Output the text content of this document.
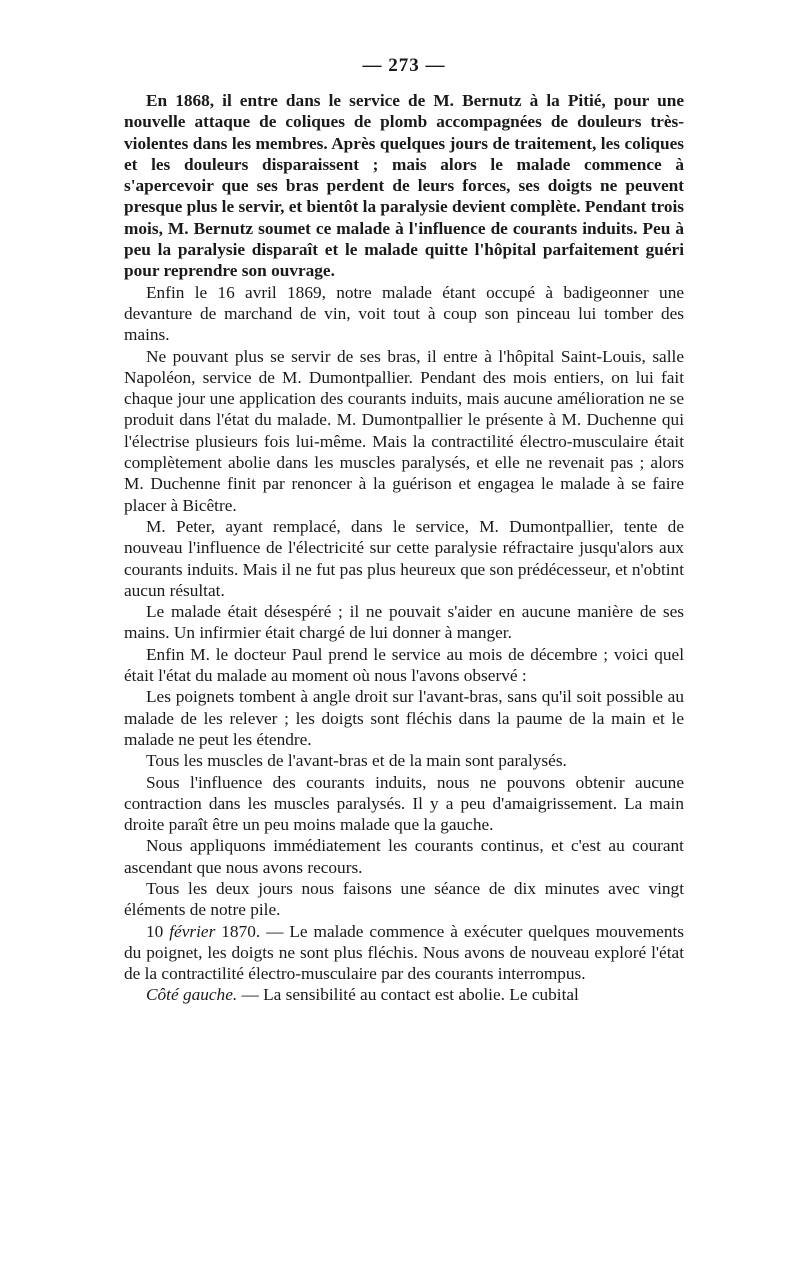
— 273 —

En 1868, il entre dans le service de M. Bernutz à la Pitié, pour une nouvelle attaque de coliques de plomb accompagnées de douleurs très-violentes dans les membres. Après quelques jours de traitement, les coliques et les douleurs disparaissent ; mais alors le malade commence à s'apercevoir que ses bras perdent de leurs forces, ses doigts ne peuvent presque plus le servir, et bientôt la paralysie devient complète. Pendant trois mois, M. Bernutz soumet ce malade à l'influence de courants induits. Peu à peu la paralysie disparaît et le malade quitte l'hôpital parfaitement guéri pour reprendre son ouvrage.

Enfin le 16 avril 1869, notre malade étant occupé à badigeonner une devanture de marchand de vin, voit tout à coup son pinceau lui tomber des mains.

Ne pouvant plus se servir de ses bras, il entre à l'hôpital Saint-Louis, salle Napoléon, service de M. Dumontpallier. Pendant des mois entiers, on lui fait chaque jour une application des courants induits, mais aucune amélioration ne se produit dans l'état du malade. M. Dumontpallier le présente à M. Duchenne qui l'électrise plusieurs fois lui-même. Mais la contractilité électro-musculaire était complètement abolie dans les muscles paralysés, et elle ne revenait pas ; alors M. Duchenne finit par renoncer à la guérison et engagea le malade à se faire placer à Bicêtre.

M. Peter, ayant remplacé, dans le service, M. Dumontpallier, tente de nouveau l'influence de l'électricité sur cette paralysie réfractaire jusqu'alors aux courants induits. Mais il ne fut pas plus heureux que son prédécesseur, et n'obtint aucun résultat.

Le malade était désespéré ; il ne pouvait s'aider en aucune manière de ses mains. Un infirmier était chargé de lui donner à manger.

Enfin M. le docteur Paul prend le service au mois de décembre ; voici quel était l'état du malade au moment où nous l'avons observé :

Les poignets tombent à angle droit sur l'avant-bras, sans qu'il soit possible au malade de les relever ; les doigts sont fléchis dans la paume de la main et le malade ne peut les étendre.

Tous les muscles de l'avant-bras et de la main sont paralysés.

Sous l'influence des courants induits, nous ne pouvons obtenir aucune contraction dans les muscles paralysés. Il y a peu d'amaigrissement. La main droite paraît être un peu moins malade que la gauche.

Nous appliquons immédiatement les courants continus, et c'est au courant ascendant que nous avons recours.

Tous les deux jours nous faisons une séance de dix minutes avec vingt éléments de notre pile.

10 février 1870. — Le malade commence à exécuter quelques mouvements du poignet, les doigts ne sont plus fléchis. Nous avons de nouveau exploré l'état de la contractilité électro-musculaire par des courants interrompus.

Côté gauche. — La sensibilité au contact est abolie. Le cubital
